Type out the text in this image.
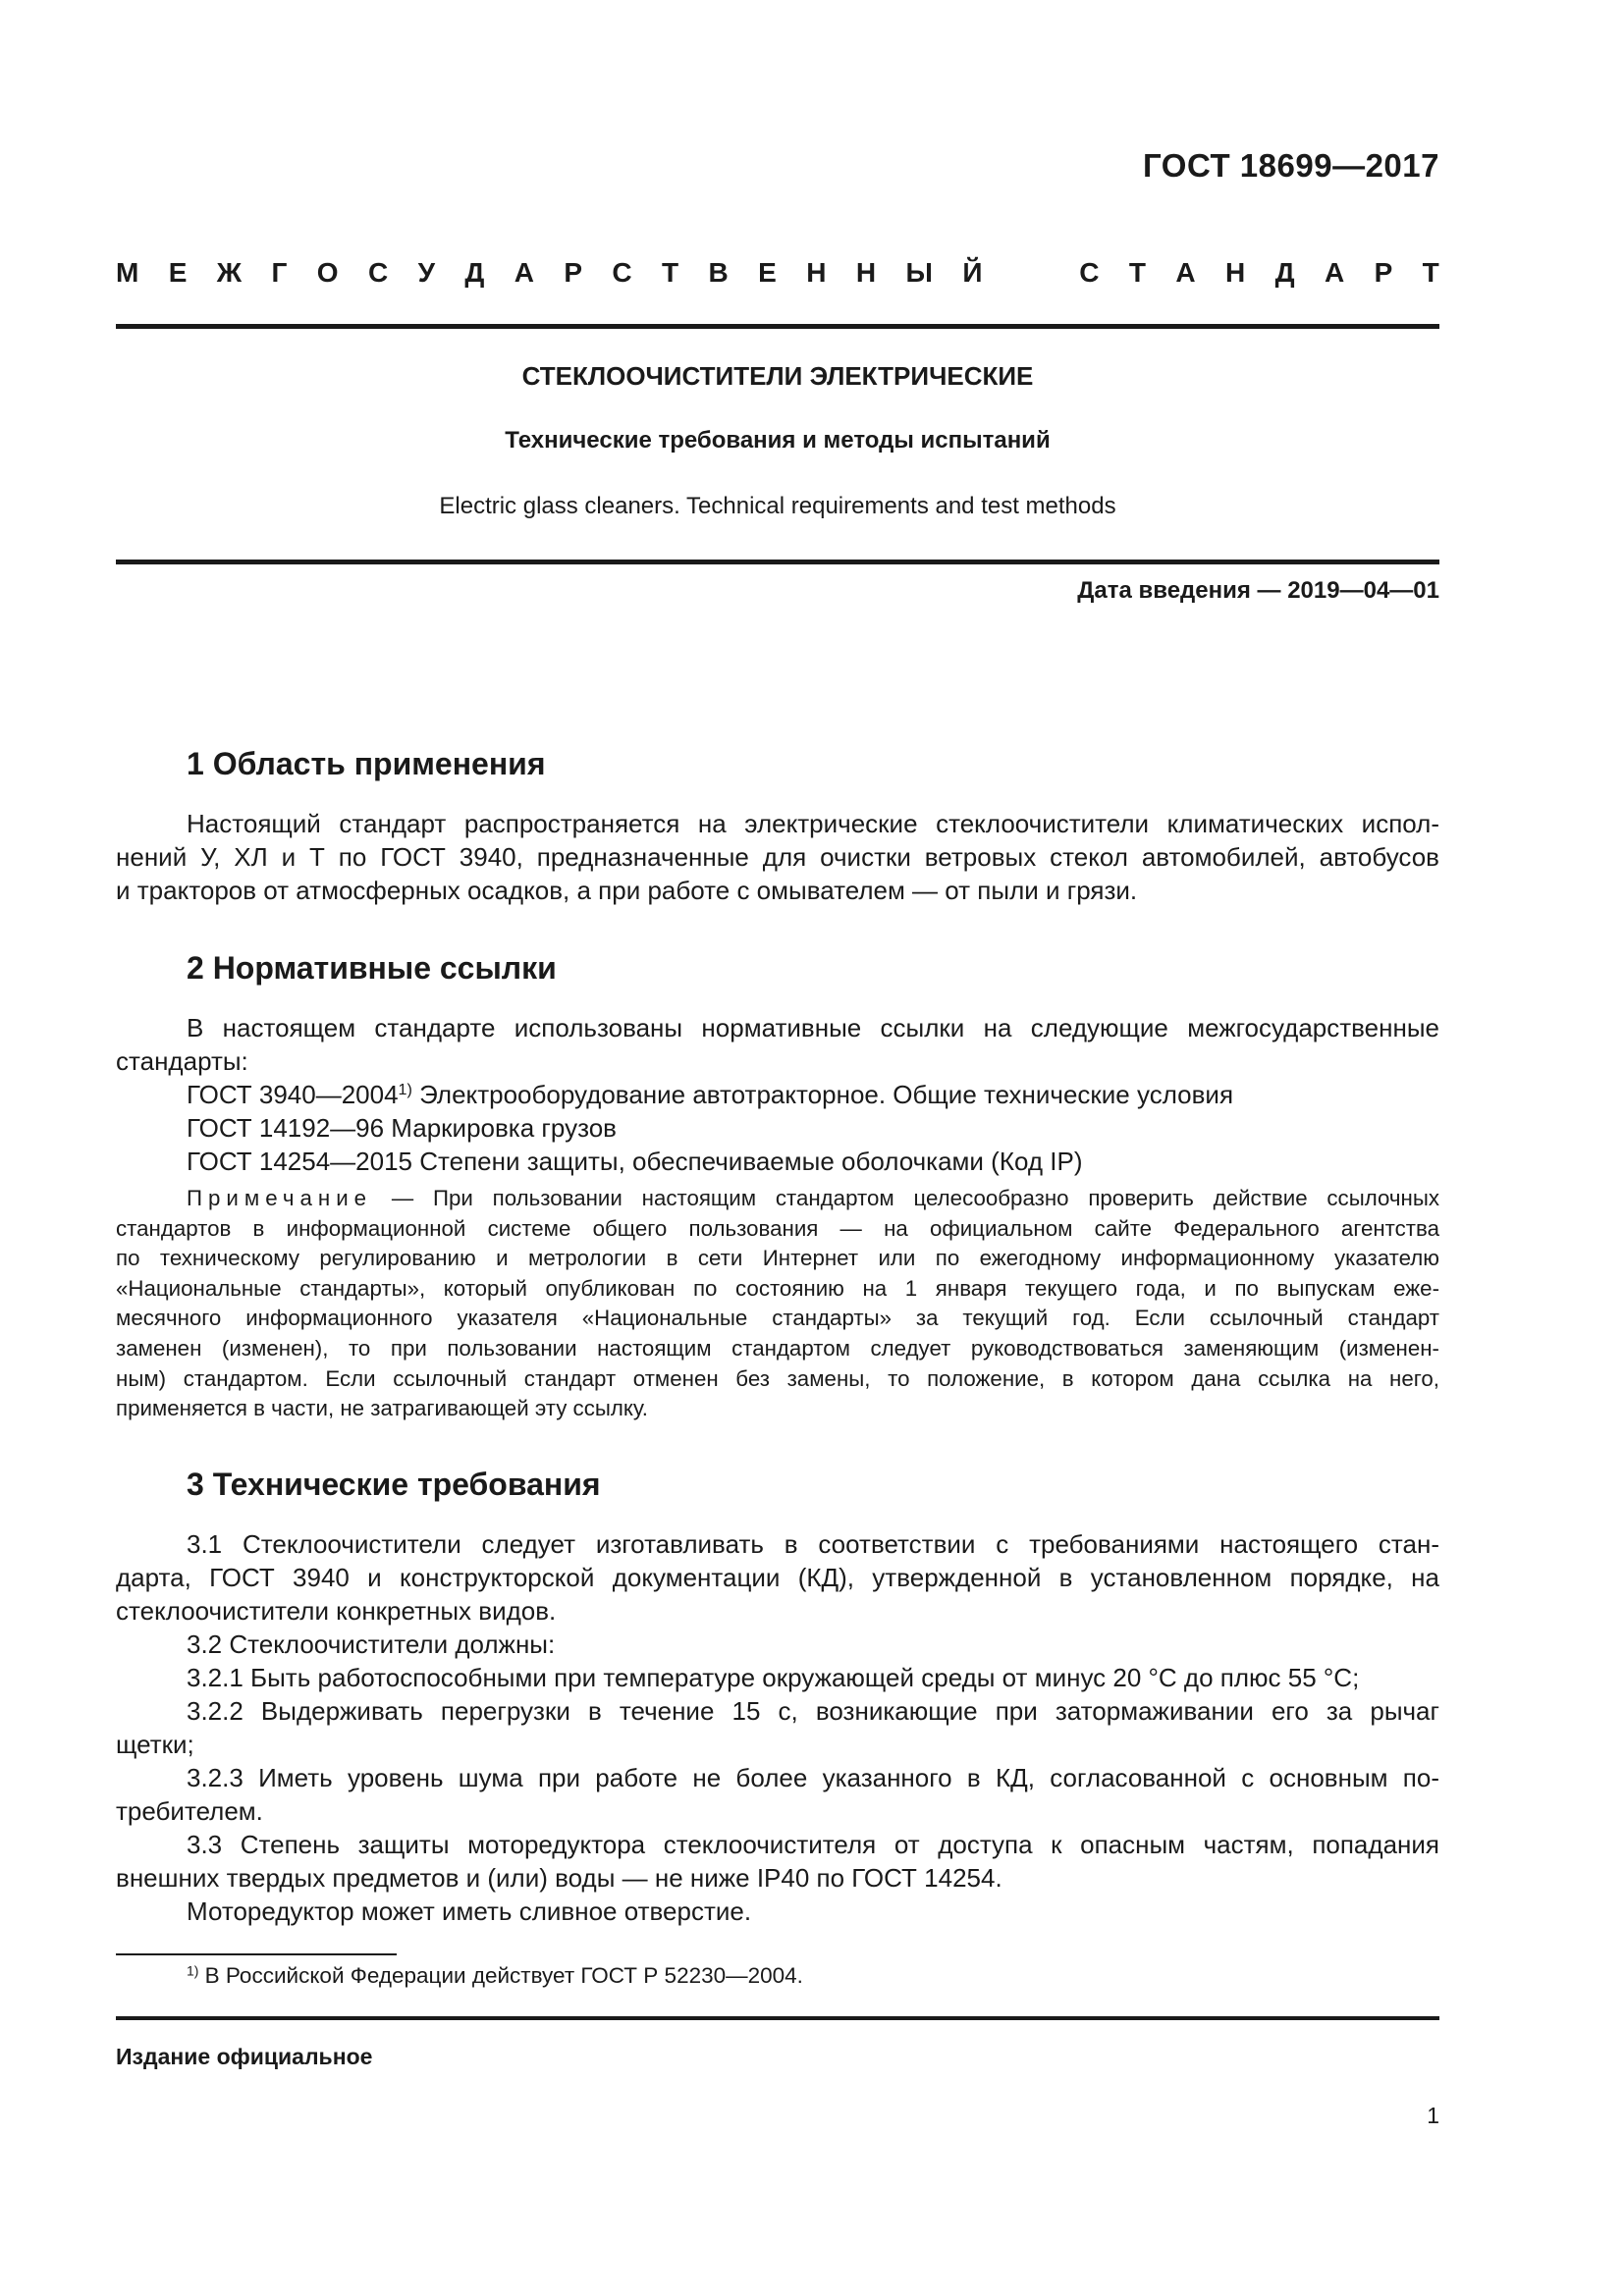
ГОСТ 18699—2017
М Е Ж Г О С У Д А Р С Т В Е Н Н Ы Й	С Т А Н Д А Р Т
СТЕКЛООЧИСТИТЕЛИ ЭЛЕКТРИЧЕСКИЕ
Технические требования и методы испытаний
Electric glass cleaners. Technical requirements and test methods
Дата введения — 2019—04—01
1 Область применения
Настоящий стандарт распространяется на электрические стеклоочистители климатических испол-
нений У, ХЛ и Т по ГОСТ 3940, предназначенные для очистки ветровых стекол автомобилей, автобусов
и тракторов от атмосферных осадков, а при работе с омывателем — от пыли и грязи.
2 Нормативные ссылки
В настоящем стандарте использованы нормативные ссылки на следующие межгосударственные
стандарты:
ГОСТ 3940—2004$^{1)}$ Электрооборудование автотракторное. Общие технические условия
ГОСТ 14192—96 Маркировка грузов
ГОСТ 14254—2015 Степени защиты, обеспечиваемые оболочками (Код IP)
Примечание — При пользовании настоящим стандартом целесообразно проверить действие ссылочных
стандартов в информационной системе общего пользования — на официальном сайте Федерального агентства
по техническому регулированию и метрологии в сети Интернет или по ежегодному информационному указателю
«Национальные стандарты», который опубликован по состоянию на 1 января текущего года, и по выпускам еже-
месячного информационного указателя «Национальные стандарты» за текущий год. Если ссылочный стандарт
заменен (изменен), то при пользовании настоящим стандартом следует руководствоваться заменяющим (изменен-
ным) стандартом. Если ссылочный стандарт отменен без замены, то положение, в котором дана ссылка на него,
применяется в части, не затрагивающей эту ссылку.
3 Технические требования
3.1 Стеклоочистители следует изготавливать в соответствии с требованиями настоящего стан-
дарта, ГОСТ 3940 и конструкторской документации (КД), утвержденной в установленном порядке, на
стеклоочистители конкретных видов.
3.2 Стеклоочистители должны:
3.2.1 Быть работоспособными при температуре окружающей среды от минус 20 °С до плюс 55 °С;
3.2.2 Выдерживать перегрузки в течение 15 с, возникающие при затормаживании его за рычаг
щетки;
3.2.3 Иметь уровень шума при работе не более указанного в КД, согласованной с основным по-
требителем.
3.3 Степень защиты моторедуктора стеклоочистителя от доступа к опасным частям, попадания
внешних твердых предметов и (или) воды — не ниже IP40 по ГОСТ 14254.
Моторедуктор может иметь сливное отверстие.
$^{1)}$ В Российской Федерации действует ГОСТ Р 52230—2004.
Издание официальное
1
